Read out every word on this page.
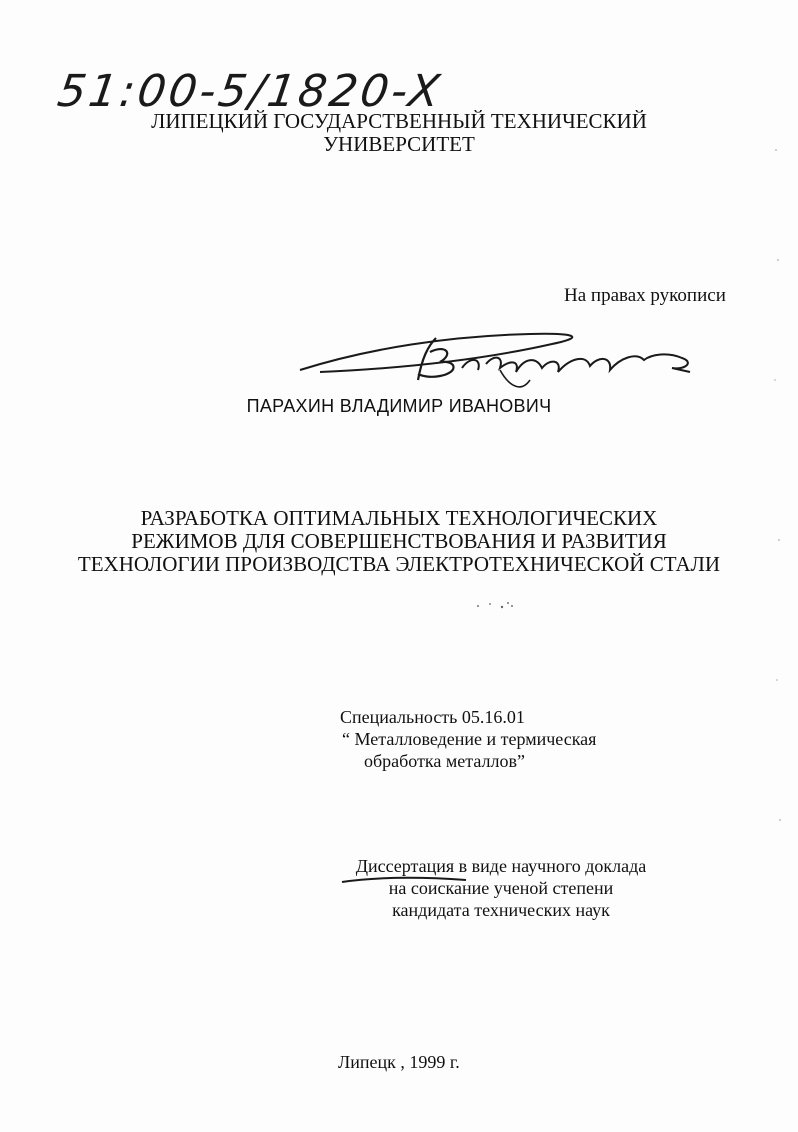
51:00-5/1820-X
ЛИПЕЦКИЙ ГОСУДАРСТВЕННЫЙ ТЕХНИЧЕСКИЙ
УНИВЕРСИТЕТ
На правах рукописи
ПАРАХИН ВЛАДИМИР ИВАНОВИЧ
РАЗРАБОТКА ОПТИМАЛЬНЫХ ТЕХНОЛОГИЧЕСКИХ
РЕЖИМОВ ДЛЯ СОВЕРШЕНСТВОВАНИЯ И РАЗВИТИЯ
ТЕХНОЛОГИИ ПРОИЗВОДСТВА ЭЛЕКТРОТЕХНИЧЕСКОЙ СТАЛИ
Специальность 05.16.01
“ Металловедение и термическая
обработка металлов”
Диссертация в виде научного доклада
на соискание ученой степени
кандидата технических наук
Липецк , 1999 г.
